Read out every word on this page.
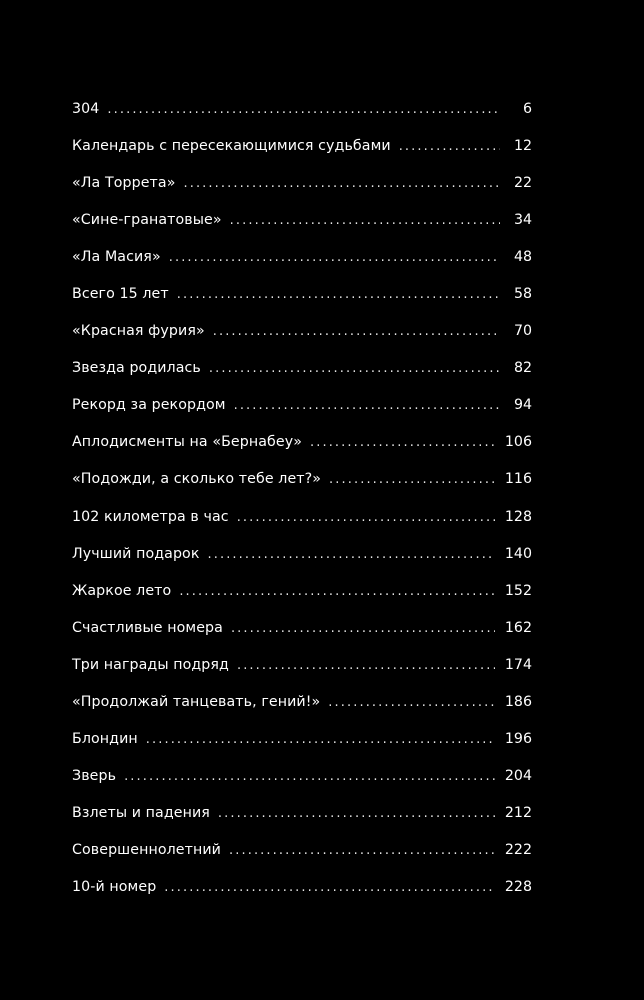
304 .....	6
Календарь с пересекающимися судьбами .....	12
«Ла Торрета» .....	22
«Сине-гранатовые» .....	34
«Ла Масия» .....	48
Всего 15 лет .....	58
«Красная фурия» .....	70
Звезда родилась .....	82
Рекорд за рекордом .....	94
Аплодисменты на «Бернабеу» .....	106
«Подожди, а сколько тебе лет?» .....	116
102 километра в час .....	128
Лучший подарок .....	140
Жаркое лето .....	152
Счастливые номера .....	162
Три награды подряд .....	174
«Продолжай танцевать, гений!» .....	186
Блондин .....	196
Зверь .....	204
Взлеты и падения .....	212
Совершеннолетний .....	222
10-й номер .....	228
